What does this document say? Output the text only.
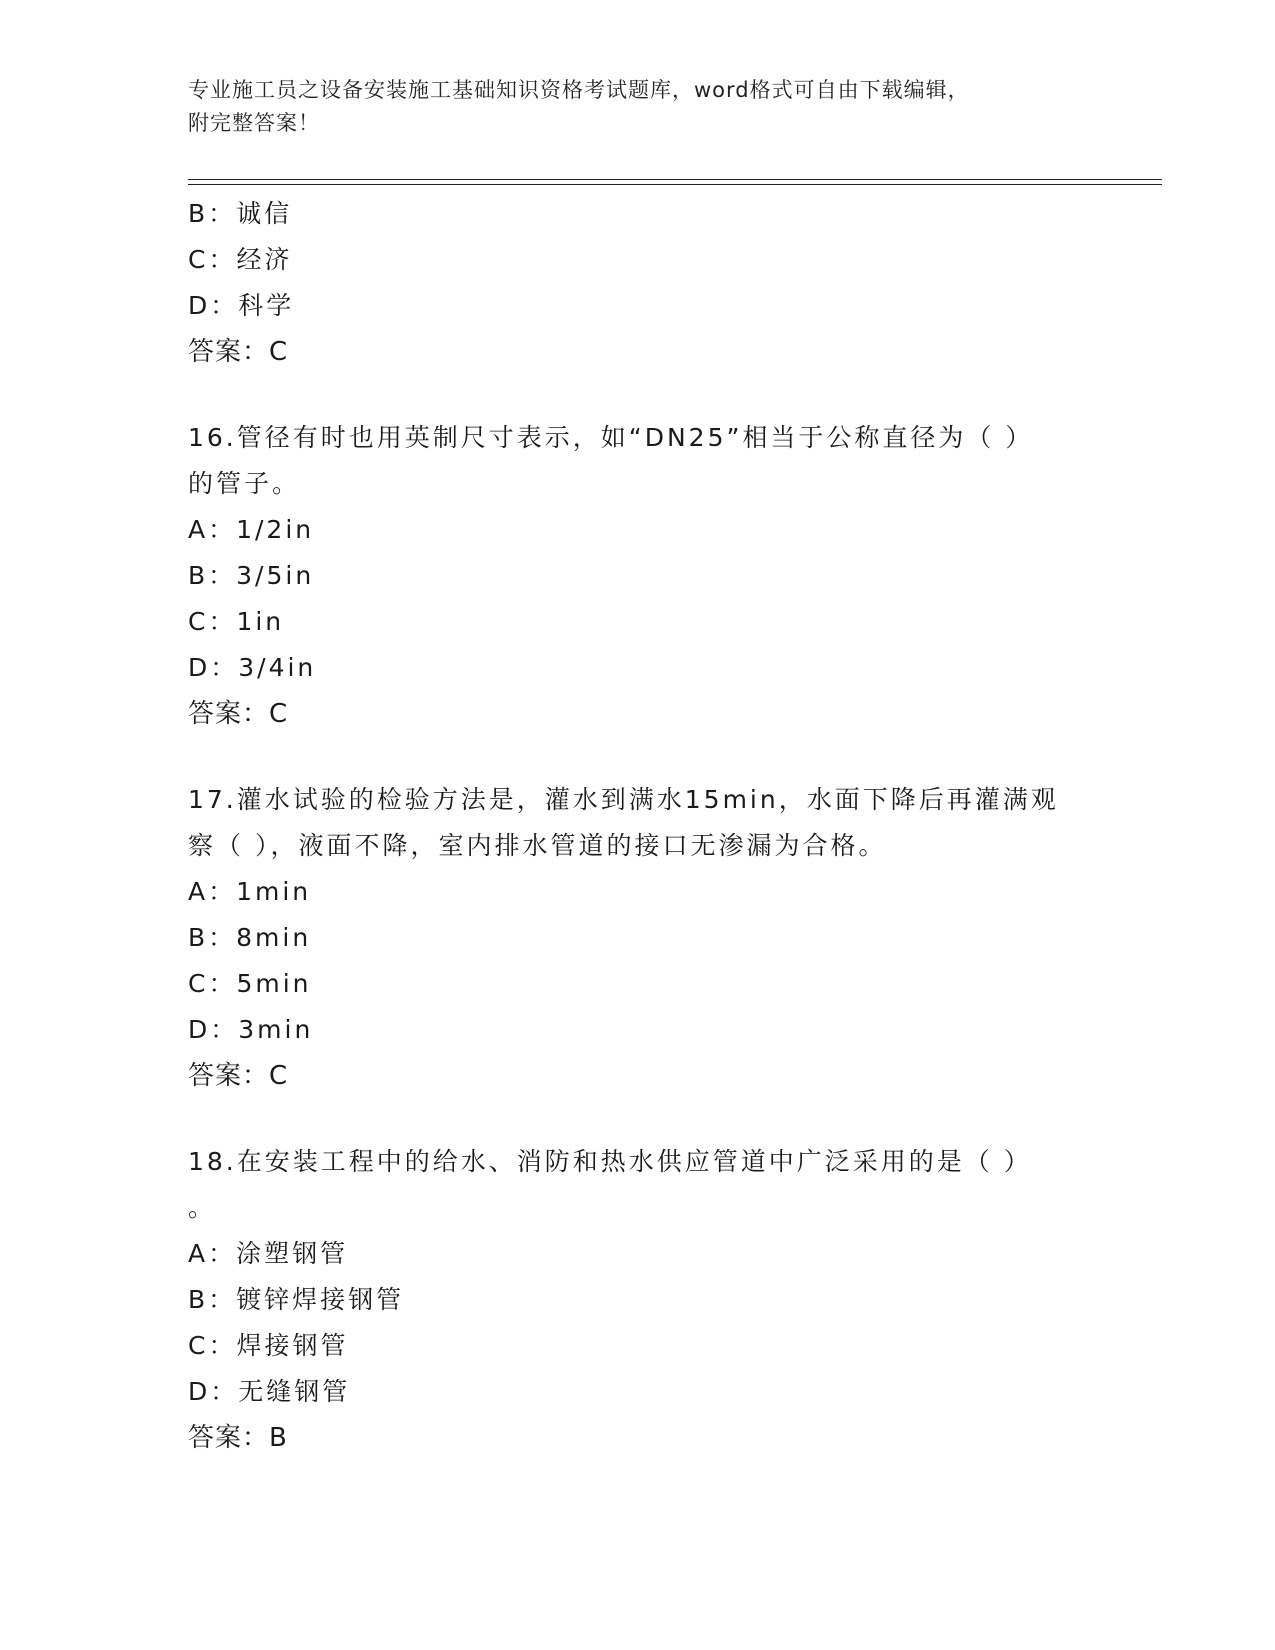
专业施工员之设备安装施工基础知识资格考试题库，word格式可自由下载编辑，
附完整答案！
B：诚信
C：经济
D：科学
答案：C
16.管径有时也用英制尺寸表示，如“DN25”相当于公称直径为（ ）
的管子。
A：1/2in
B：3/5in
C：1in
D：3/4in
答案：C
17.灌水试验的检验方法是，灌水到满水15min，水面下降后再灌满观
察（ ），液面不降，室内排水管道的接口无渗漏为合格。
A：1min
B：8min
C：5min
D：3min
答案：C
18.在安装工程中的给水、消防和热水供应管道中广泛采用的是（ ）
。
A：涂塑钢管
B：镀锌焊接钢管
C：焊接钢管
D：无缝钢管
答案：B
